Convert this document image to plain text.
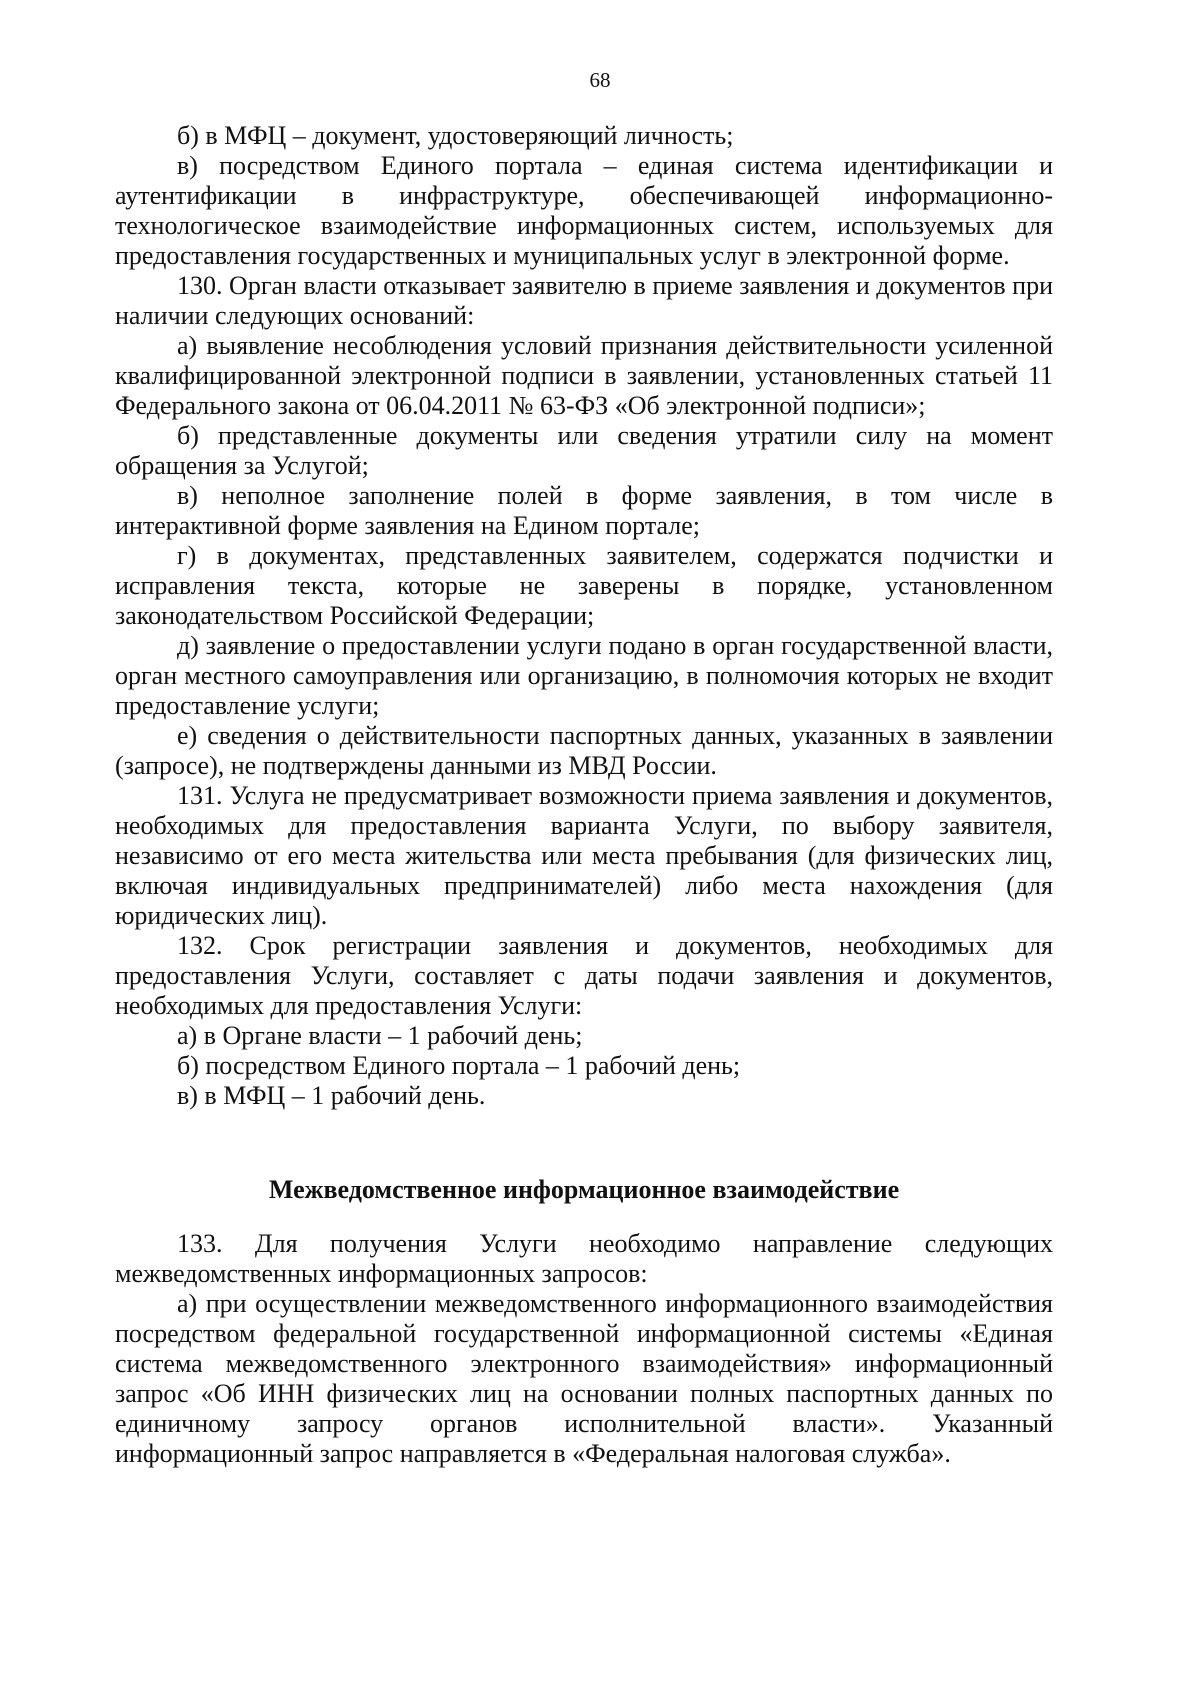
68

б) в МФЦ – документ, удостоверяющий личность;

в) посредством Единого портала – единая система идентификации и аутентификации в инфраструктуре, обеспечивающей информационно-технологическое взаимодействие информационных систем, используемых для предоставления государственных и муниципальных услуг в электронной форме.

130. Орган власти отказывает заявителю в приеме заявления и документов при наличии следующих оснований:

а) выявление несоблюдения условий признания действительности усиленной квалифицированной электронной подписи в заявлении, установленных статьей 11 Федерального закона от 06.04.2011 № 63-ФЗ «Об электронной подписи»;

б) представленные документы или сведения утратили силу на момент обращения за Услугой;

в) неполное заполнение полей в форме заявления, в том числе в интерактивной форме заявления на Едином портале;

г) в документах, представленных заявителем, содержатся подчистки и исправления текста, которые не заверены в порядке, установленном законодательством Российской Федерации;

д) заявление о предоставлении услуги подано в орган государственной власти, орган местного самоуправления или организацию, в полномочия которых не входит предоставление услуги;

е) сведения о действительности паспортных данных, указанных в заявлении (запросе), не подтверждены данными из МВД России.

131. Услуга не предусматривает возможности приема заявления и документов, необходимых для предоставления варианта Услуги, по выбору заявителя, независимо от его места жительства или места пребывания (для физических лиц, включая индивидуальных предпринимателей) либо места нахождения (для юридических лиц).

132. Срок регистрации заявления и документов, необходимых для предоставления Услуги, составляет с даты подачи заявления и документов, необходимых для предоставления Услуги:

а) в Органе власти – 1 рабочий день;

б) посредством Единого портала – 1 рабочий день;

в) в МФЦ – 1 рабочий день.

Межведомственное информационное взаимодействие

133. Для получения Услуги необходимо направление следующих межведомственных информационных запросов:

а) при осуществлении межведомственного информационного взаимодействия посредством федеральной государственной информационной системы «Единая система межведомственного электронного взаимодействия» информационный запрос «Об ИНН физических лиц на основании полных паспортных данных по единичному запросу органов исполнительной власти». Указанный информационный запрос направляется в «Федеральная налоговая служба».
